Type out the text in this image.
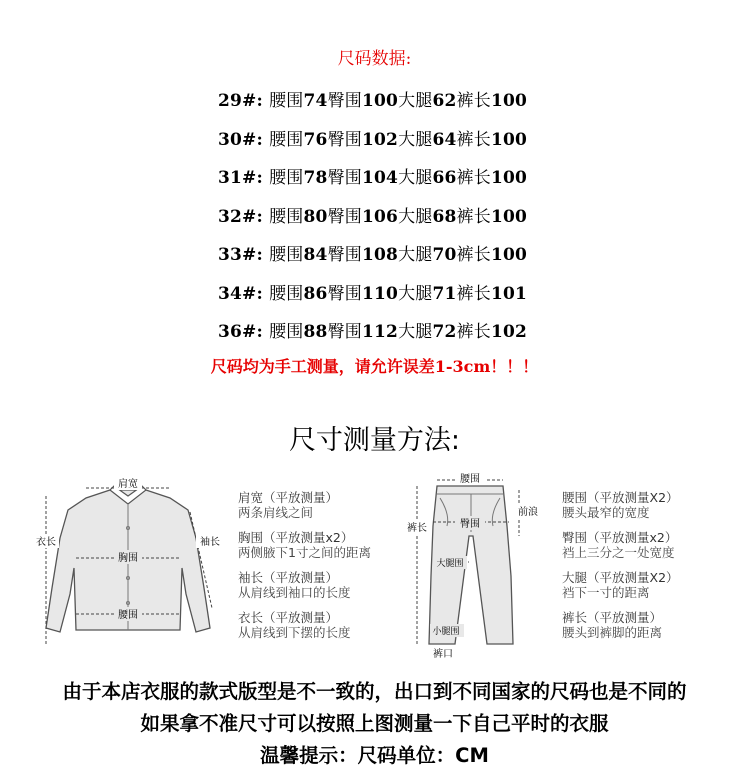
尺码数据:
29#: 腰围74臀围100大腿62裤长100
30#: 腰围76臀围102大腿64裤长100
31#: 腰围78臀围104大腿66裤长100
32#: 腰围80臀围106大腿68裤长100
33#: 腰围84臀围108大腿70裤长100
34#: 腰围86臀围110大腿71裤长101
36#: 腰围88臀围112大腿72裤长102
尺码均为手工测量，请允许误差1-3cm！！！
尺寸测量方法:
肩宽
胸围
腰围
衣长	袖长
肩宽（平放测量）
两条肩线之间
胸围（平放测量x2）
两侧腋下1寸之间的距离
袖长（平放测量）
从肩线到袖口的长度
衣长（平放测量）
从肩线到下摆的长度
腰围
臀围
大腿围
小腿围
裤口
裤长
前浪
腰围（平放测量X2）
腰头最窄的宽度
臀围（平放测量x2）
裆上三分之一处宽度
大腿（平放测量X2）
裆下一寸的距离
裤长（平放测量）
腰头到裤脚的距离
由于本店衣服的款式版型是不一致的，出口到不同国家的尺码也是不同的
如果拿不准尺寸可以按照上图测量一下自己平时的衣服
温馨提示：尺码单位：CM
